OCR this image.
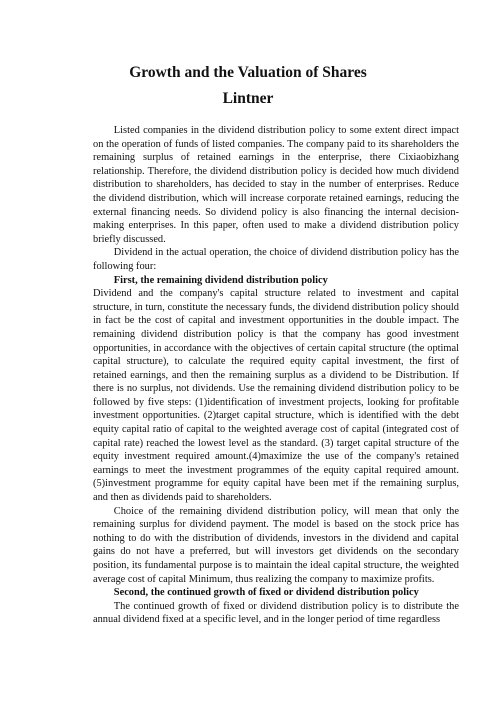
Growth and the Valuation of Shares
Lintner

Listed companies in the dividend distribution policy to some extent direct impact on the operation of funds of listed companies. The company paid to its shareholders the remaining surplus of retained earnings in the enterprise, there Cixiaobizhang relationship. Therefore, the dividend distribution policy is decided how much dividend distribution to shareholders, has decided to stay in the number of enterprises. Reduce the dividend distribution, which will increase corporate retained earnings, reducing the external financing needs. So dividend policy is also financing the internal decision-making enterprises. In this paper, often used to make a dividend distribution policy briefly discussed.

Dividend in the actual operation, the choice of dividend distribution policy has the following four:

First, the remaining dividend distribution policy

Dividend and the company's capital structure related to investment and capital structure, in turn, constitute the necessary funds, the dividend distribution policy should in fact be the cost of capital and investment opportunities in the double impact. The remaining dividend distribution policy is that the company has good investment opportunities, in accordance with the objectives of certain capital structure (the optimal capital structure), to calculate the required equity capital investment, the first of retained earnings, and then the remaining surplus as a dividend to be Distribution. If there is no surplus, not dividends. Use the remaining dividend distribution policy to be followed by five steps: (1)identification of investment projects, looking for profitable investment opportunities. (2)target capital structure, which is identified with the debt equity capital ratio of capital to the weighted average cost of capital (integrated cost of capital rate) reached the lowest level as the standard. (3) target capital structure of the equity investment required amount.(4)maximize the use of the company's retained earnings to meet the investment programmes of the equity capital required amount. (5)investment programme for equity capital have been met if the remaining surplus, and then as dividends paid to shareholders.

Choice of the remaining dividend distribution policy, will mean that only the remaining surplus for dividend payment. The model is based on the stock price has nothing to do with the distribution of dividends, investors in the dividend and capital gains do not have a preferred, but will investors get dividends on the secondary position, its fundamental purpose is to maintain the ideal capital structure, the weighted average cost of capital Minimum, thus realizing the company to maximize profits.

Second, the continued growth of fixed or dividend distribution policy

The continued growth of fixed or dividend distribution policy is to distribute the annual dividend fixed at a specific level, and in the longer period of time regardless
